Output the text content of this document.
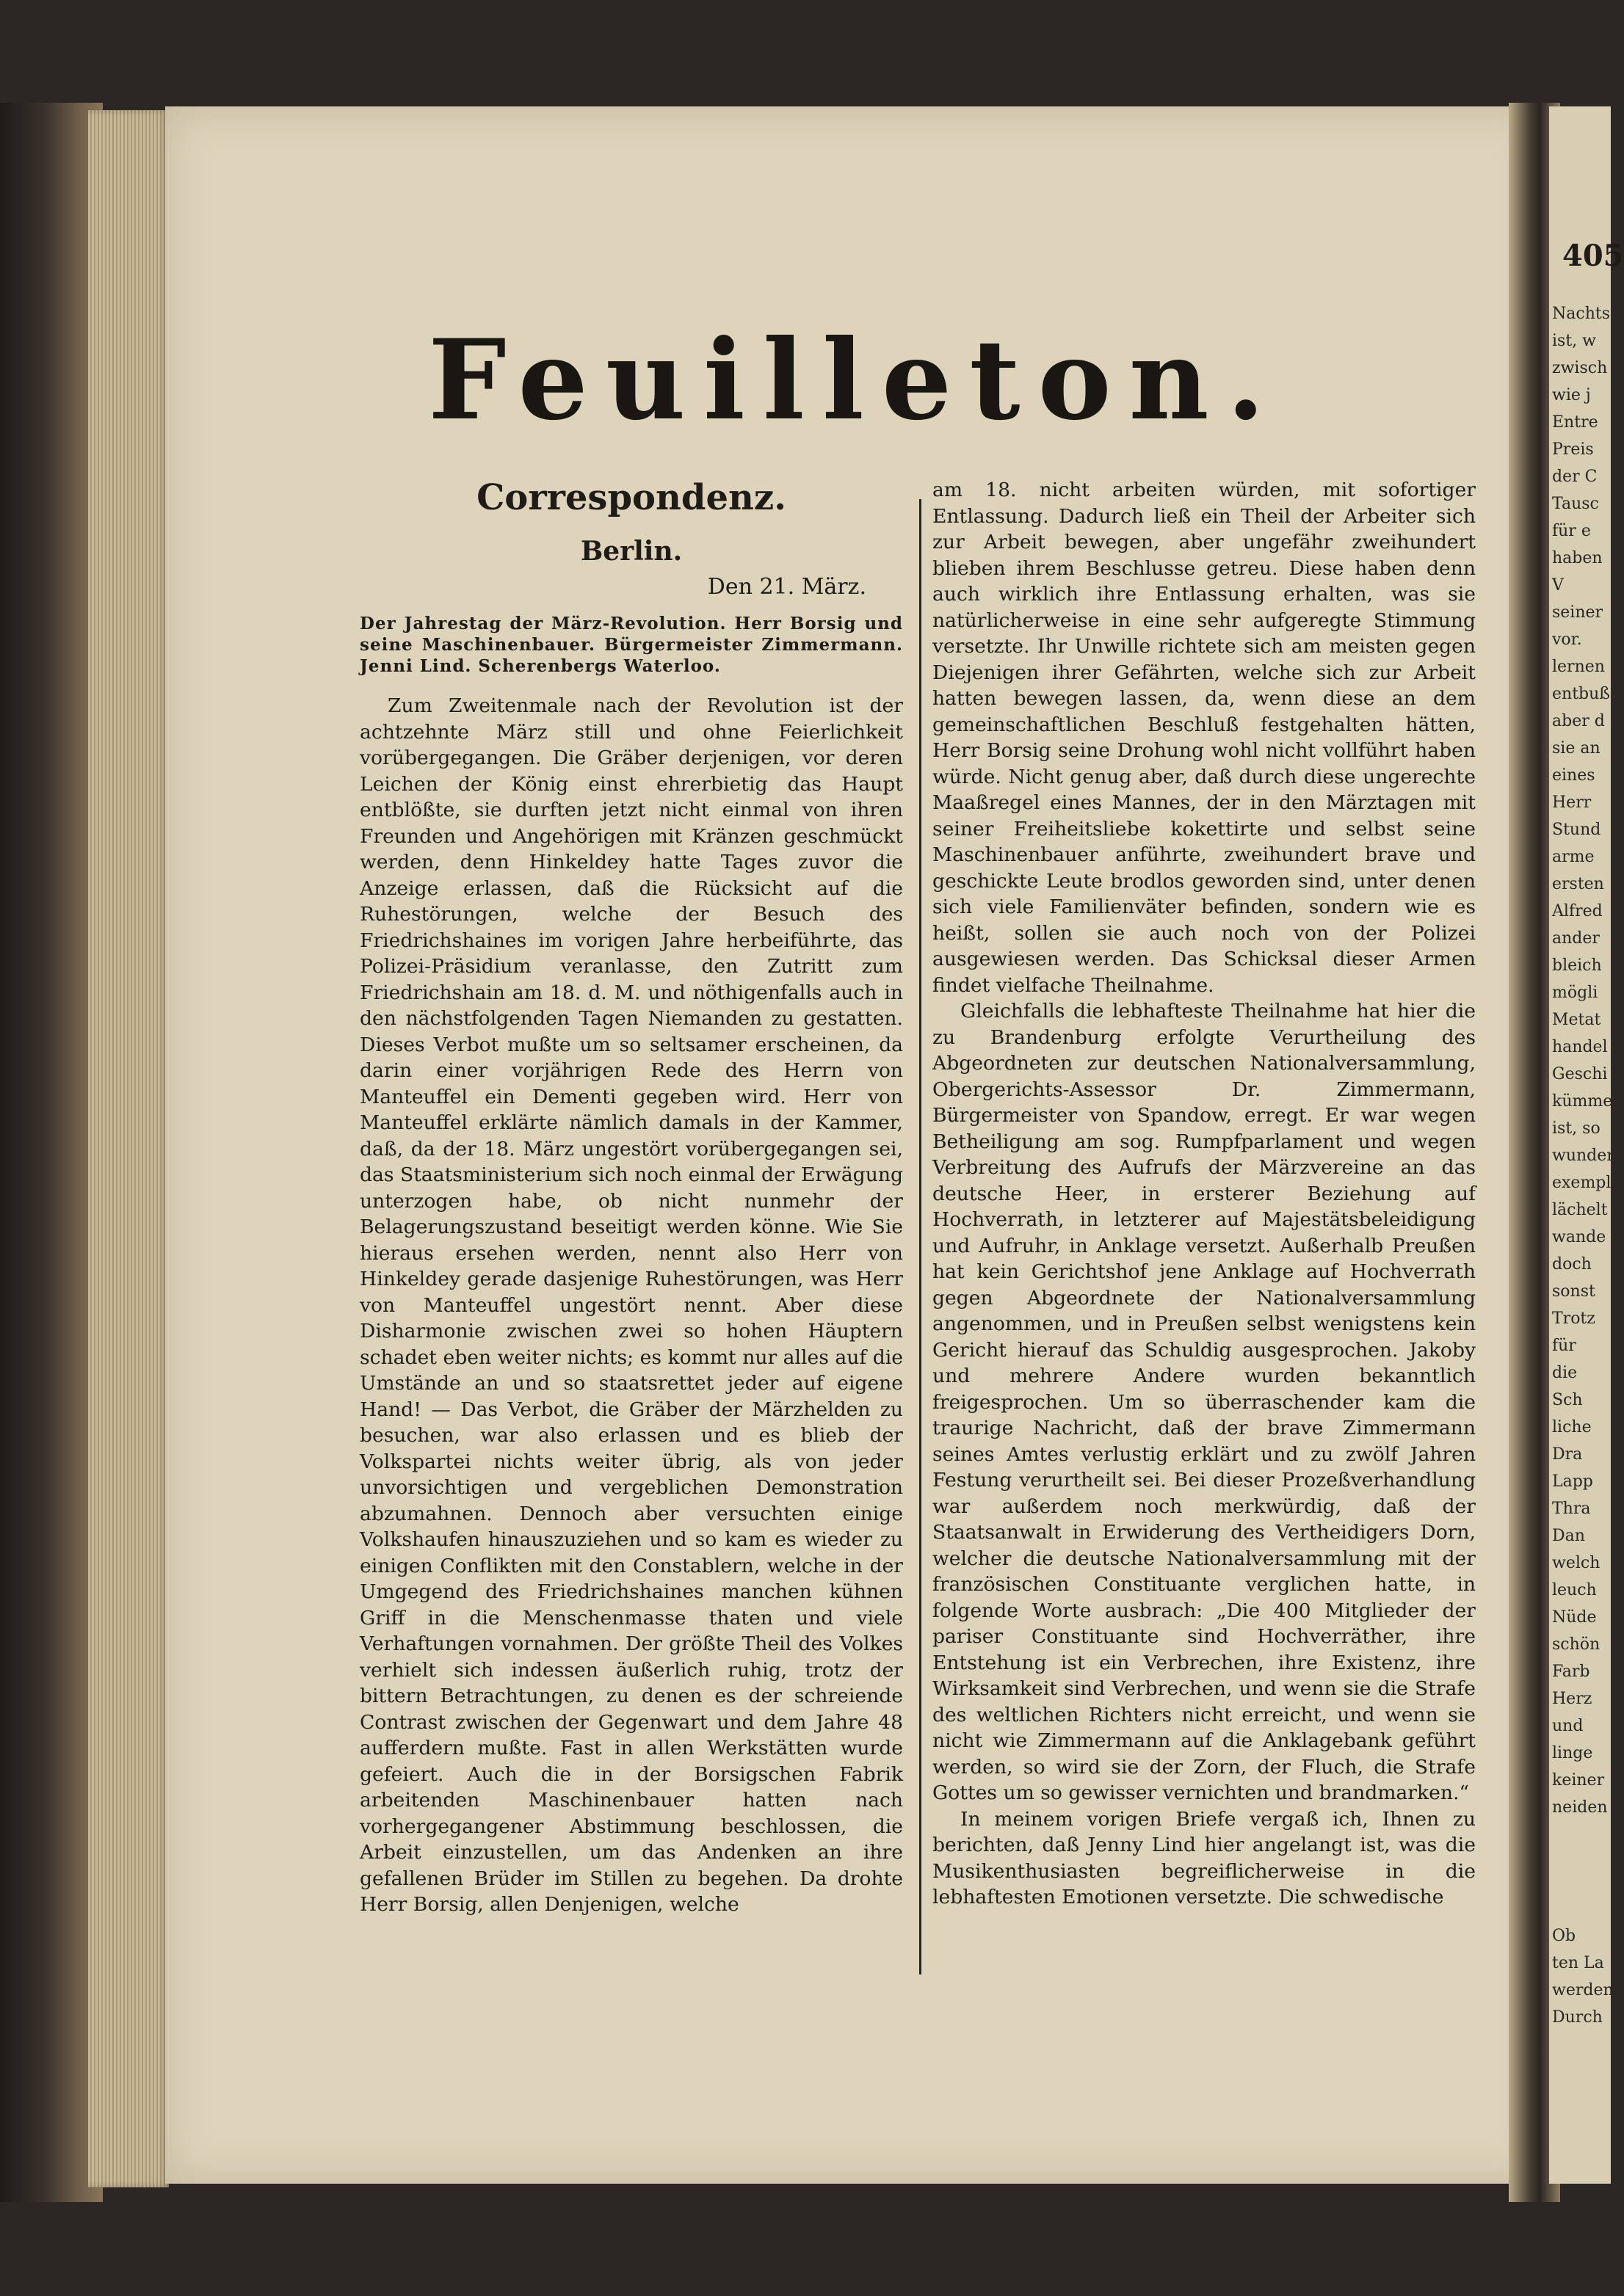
405
Nachts
ist, w
zwisch
wie j
Entre
Preis
der C
Tausc
für e
haben
V
seiner
vor.
lernen
entbuß
aber d
sie an
eines
Herr
Stund
arme
ersten
Alfred
ander
bleich
mögli
Metat
handel
Geschi
kümme
ist, so
wunder
exempl
lächelt
wande
doch
sonst
Trotz
für
die
Sch
liche
Dra
Lapp
Thra
Dan
welch
leuch
Nüde
schön
Farb
Herz
und
linge
keiner
neiden
Ob
ten La
werden
Durch
Feuilleton.
Correspondenz.
Berlin.
Den 21. März.

Der Jahrestag der März-Revolution. Herr Borsig und seine Maschinenbauer. Bürgermeister Zimmermann. Jenni Lind. Scherenbergs Waterloo.

Zum Zweitenmale nach der Revolution ist der achtzehnte März still und ohne Feierlichkeit vorübergegangen. Die Gräber derjenigen, vor deren Leichen der König einst ehrerbietig das Haupt entblößte, sie durften jetzt nicht einmal von ihren Freunden und Angehörigen mit Kränzen geschmückt werden, denn Hinkeldey hatte Tages zuvor die Anzeige erlassen, daß die Rücksicht auf die Ruhestörungen, welche der Besuch des Friedrichshaines im vorigen Jahre herbeiführte, das Polizei-Präsidium veranlasse, den Zutritt zum Friedrichshain am 18. d. M. und nöthigenfalls auch in den nächstfolgenden Tagen Niemanden zu gestatten. Dieses Verbot mußte um so seltsamer erscheinen, da darin einer vorjährigen Rede des Herrn von Manteuffel ein Dementi gegeben wird. Herr von Manteuffel erklärte nämlich damals in der Kammer, daß, da der 18. März ungestört vorübergegangen sei, das Staatsministerium sich noch einmal der Erwägung unterzogen habe, ob nicht nunmehr der Belagerungszustand beseitigt werden könne. Wie Sie hieraus ersehen werden, nennt also Herr von Hinkeldey gerade dasjenige Ruhestörungen, was Herr von Manteuffel ungestört nennt. Aber diese Disharmonie zwischen zwei so hohen Häuptern schadet eben weiter nichts; es kommt nur alles auf die Umstände an und so staatsrettet jeder auf eigene Hand! — Das Verbot, die Gräber der Märzhelden zu besuchen, war also erlassen und es blieb der Volkspartei nichts weiter übrig, als von jeder unvorsichtigen und vergeblichen Demonstration abzumahnen. Dennoch aber versuchten einige Volkshaufen hinauszuziehen und so kam es wieder zu einigen Conflikten mit den Constablern, welche in der Umgegend des Friedrichshaines manchen kühnen Griff in die Menschenmasse thaten und viele Verhaftungen vornahmen. Der größte Theil des Volkes verhielt sich indessen äußerlich ruhig, trotz der bittern Betrachtungen, zu denen es der schreiende Contrast zwischen der Gegenwart und dem Jahre 48 aufferdern mußte. Fast in allen Werkstätten wurde gefeiert. Auch die in der Borsigschen Fabrik arbeitenden Maschinenbauer hatten nach vorhergegangener Abstimmung beschlossen, die Arbeit einzustellen, um das Andenken an ihre gefallenen Brüder im Stillen zu begehen. Da drohte Herr Borsig, allen Denjenigen, welche

am 18. nicht arbeiten würden, mit sofortiger Entlassung. Dadurch ließ ein Theil der Arbeiter sich zur Arbeit bewegen, aber ungefähr zweihundert blieben ihrem Beschlusse getreu. Diese haben denn auch wirklich ihre Entlassung erhalten, was sie natürlicherweise in eine sehr aufgeregte Stimmung versetzte. Ihr Unwille richtete sich am meisten gegen Diejenigen ihrer Gefährten, welche sich zur Arbeit hatten bewegen lassen, da, wenn diese an dem gemeinschaftlichen Beschluß festgehalten hätten, Herr Borsig seine Drohung wohl nicht vollführt haben würde. Nicht genug aber, daß durch diese ungerechte Maaßregel eines Mannes, der in den Märztagen mit seiner Freiheitsliebe kokettirte und selbst seine Maschinenbauer anführte, zweihundert brave und geschickte Leute brodlos geworden sind, unter denen sich viele Familienväter befinden, sondern wie es heißt, sollen sie auch noch von der Polizei ausgewiesen werden. Das Schicksal dieser Armen findet vielfache Theilnahme.

Gleichfalls die lebhafteste Theilnahme hat hier die zu Brandenburg erfolgte Verurtheilung des Abgeordneten zur deutschen Nationalversammlung, Obergerichts-Assessor Dr. Zimmermann, Bürgermeister von Spandow, erregt. Er war wegen Betheiligung am sog. Rumpfparlament und wegen Verbreitung des Aufrufs der Märzvereine an das deutsche Heer, in ersterer Beziehung auf Hochverrath, in letzterer auf Majestätsbeleidigung und Aufruhr, in Anklage versetzt. Außerhalb Preußen hat kein Gerichtshof jene Anklage auf Hochverrath gegen Abgeordnete der Nationalversammlung angenommen, und in Preußen selbst wenigstens kein Gericht hierauf das Schuldig ausgesprochen. Jakoby und mehrere Andere wurden bekanntlich freigesprochen. Um so überraschender kam die traurige Nachricht, daß der brave Zimmermann seines Amtes verlustig erklärt und zu zwölf Jahren Festung verurtheilt sei. Bei dieser Prozeßverhandlung war außerdem noch merkwürdig, daß der Staatsanwalt in Erwiderung des Vertheidigers Dorn, welcher die deutsche Nationalversammlung mit der französischen Constituante verglichen hatte, in folgende Worte ausbrach: „Die 400 Mitglieder der pariser Constituante sind Hochverräther, ihre Entstehung ist ein Verbrechen, ihre Existenz, ihre Wirksamkeit sind Verbrechen, und wenn sie die Strafe des weltlichen Richters nicht erreicht, und wenn sie nicht wie Zimmermann auf die Anklagebank geführt werden, so wird sie der Zorn, der Fluch, die Strafe Gottes um so gewisser vernichten und brandmarken.“

In meinem vorigen Briefe vergaß ich, Ihnen zu berichten, daß Jenny Lind hier angelangt ist, was die Musikenthusiasten begreiflicherweise in die lebhaftesten Emotionen versetzte. Die schwedische
